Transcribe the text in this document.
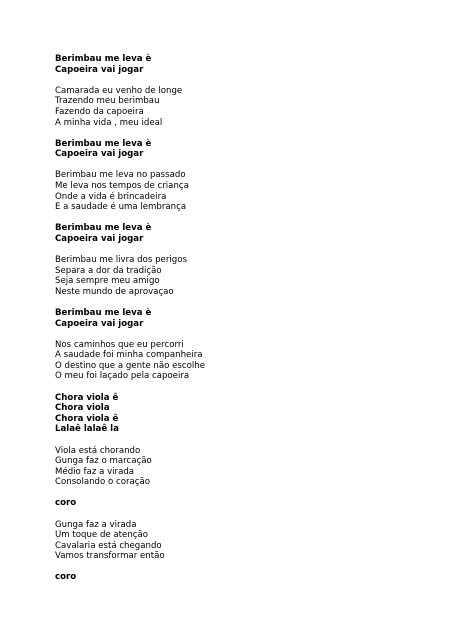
Berimbau me leva è
Capoeira vai jogar
Camarada eu venho de longe
Trazendo meu berimbau
Fazendo da capoeira
A minha vida , meu ideal
Berimbau me leva è
Capoeira vai jogar
Berimbau me leva no passado
Me leva nos tempos de criança
Onde a vida é brincadeira
E a saudade é uma lembrança
Berimbau me leva è
Capoeira vai jogar
Berimbau me livra dos perigos
Separa a dor da tradição
Seja sempre meu amigo
Neste mundo de aprovaçao
Berimbau me leva è
Capoeira vai jogar
Nos caminhos que eu percorri
A saudade foi minha companheira
O destino que a gente não escolhe
O meu foi laçado pela capoeira
Chora viola ê
Chora viola
Chora viola ê
Lalaê lalaê la
Viola está chorando
Gunga faz o marcação
Médio faz a virada
Consolando o coração
coro
Gunga faz a virada
Um toque de atenção
Cavalaria está chegando
Vamos transformar então
coro
